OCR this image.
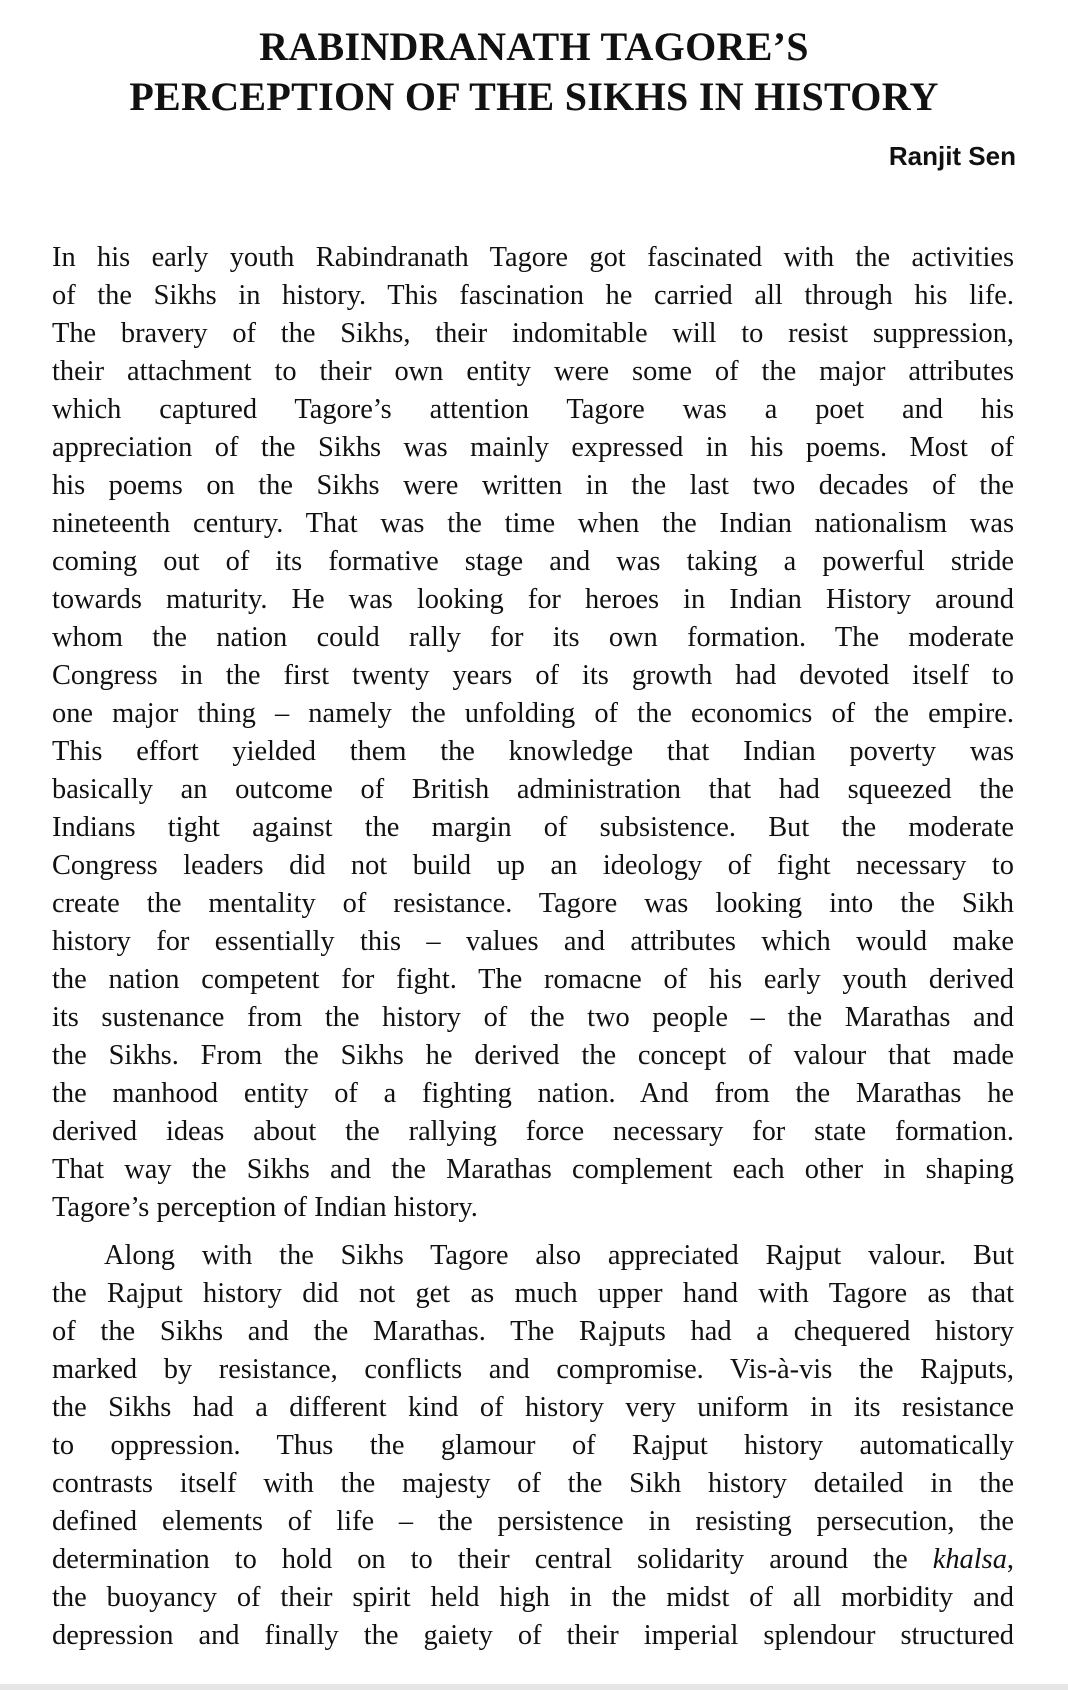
RABINDRANATH TAGORE’S
PERCEPTION OF THE SIKHS IN HISTORY
Ranjit Sen

In his early youth Rabindranath Tagore got fascinated with the activities
of the Sikhs in history. This fascination he carried all through his life.
The bravery of the Sikhs, their indomitable will to resist suppression,
their attachment to their own entity were some of the major attributes
which captured Tagore’s attention Tagore was a poet and his
appreciation of the Sikhs was mainly expressed in his poems. Most of
his poems on the Sikhs were written in the last two decades of the
nineteenth century. That was the time when the Indian nationalism was
coming out of its formative stage and was taking a powerful stride
towards maturity. He was looking for heroes in Indian History around
whom the nation could rally for its own formation. The moderate
Congress in the first twenty years of its growth had devoted itself to
one major thing – namely the unfolding of the economics of the empire.
This effort yielded them the knowledge that Indian poverty was
basically an outcome of British administration that had squeezed the
Indians tight against the margin of subsistence. But the moderate
Congress leaders did not build up an ideology of fight necessary to
create the mentality of resistance. Tagore was looking into the Sikh
history for essentially this – values and attributes which would make
the nation competent for fight. The romacne of his early youth derived
its sustenance from the history of the two people – the Marathas and
the Sikhs. From the Sikhs he derived the concept of valour that made
the manhood entity of a fighting nation. And from the Marathas he
derived ideas about the rallying force necessary for state formation.
That way the Sikhs and the Marathas complement each other in shaping
Tagore’s perception of Indian history.

Along with the Sikhs Tagore also appreciated Rajput valour. But
the Rajput history did not get as much upper hand with Tagore as that
of the Sikhs and the Marathas. The Rajputs had a chequered history
marked by resistance, conflicts and compromise. Vis-à-vis the Rajputs,
the Sikhs had a different kind of history very uniform in its resistance
to oppression. Thus the glamour of Rajput history automatically
contrasts itself with the majesty of the Sikh history detailed in the
defined elements of life – the persistence in resisting persecution, the
determination to hold on to their central solidarity around the khalsa,
the buoyancy of their spirit held high in the midst of all morbidity and
depression and finally the gaiety of their imperial splendour structured
